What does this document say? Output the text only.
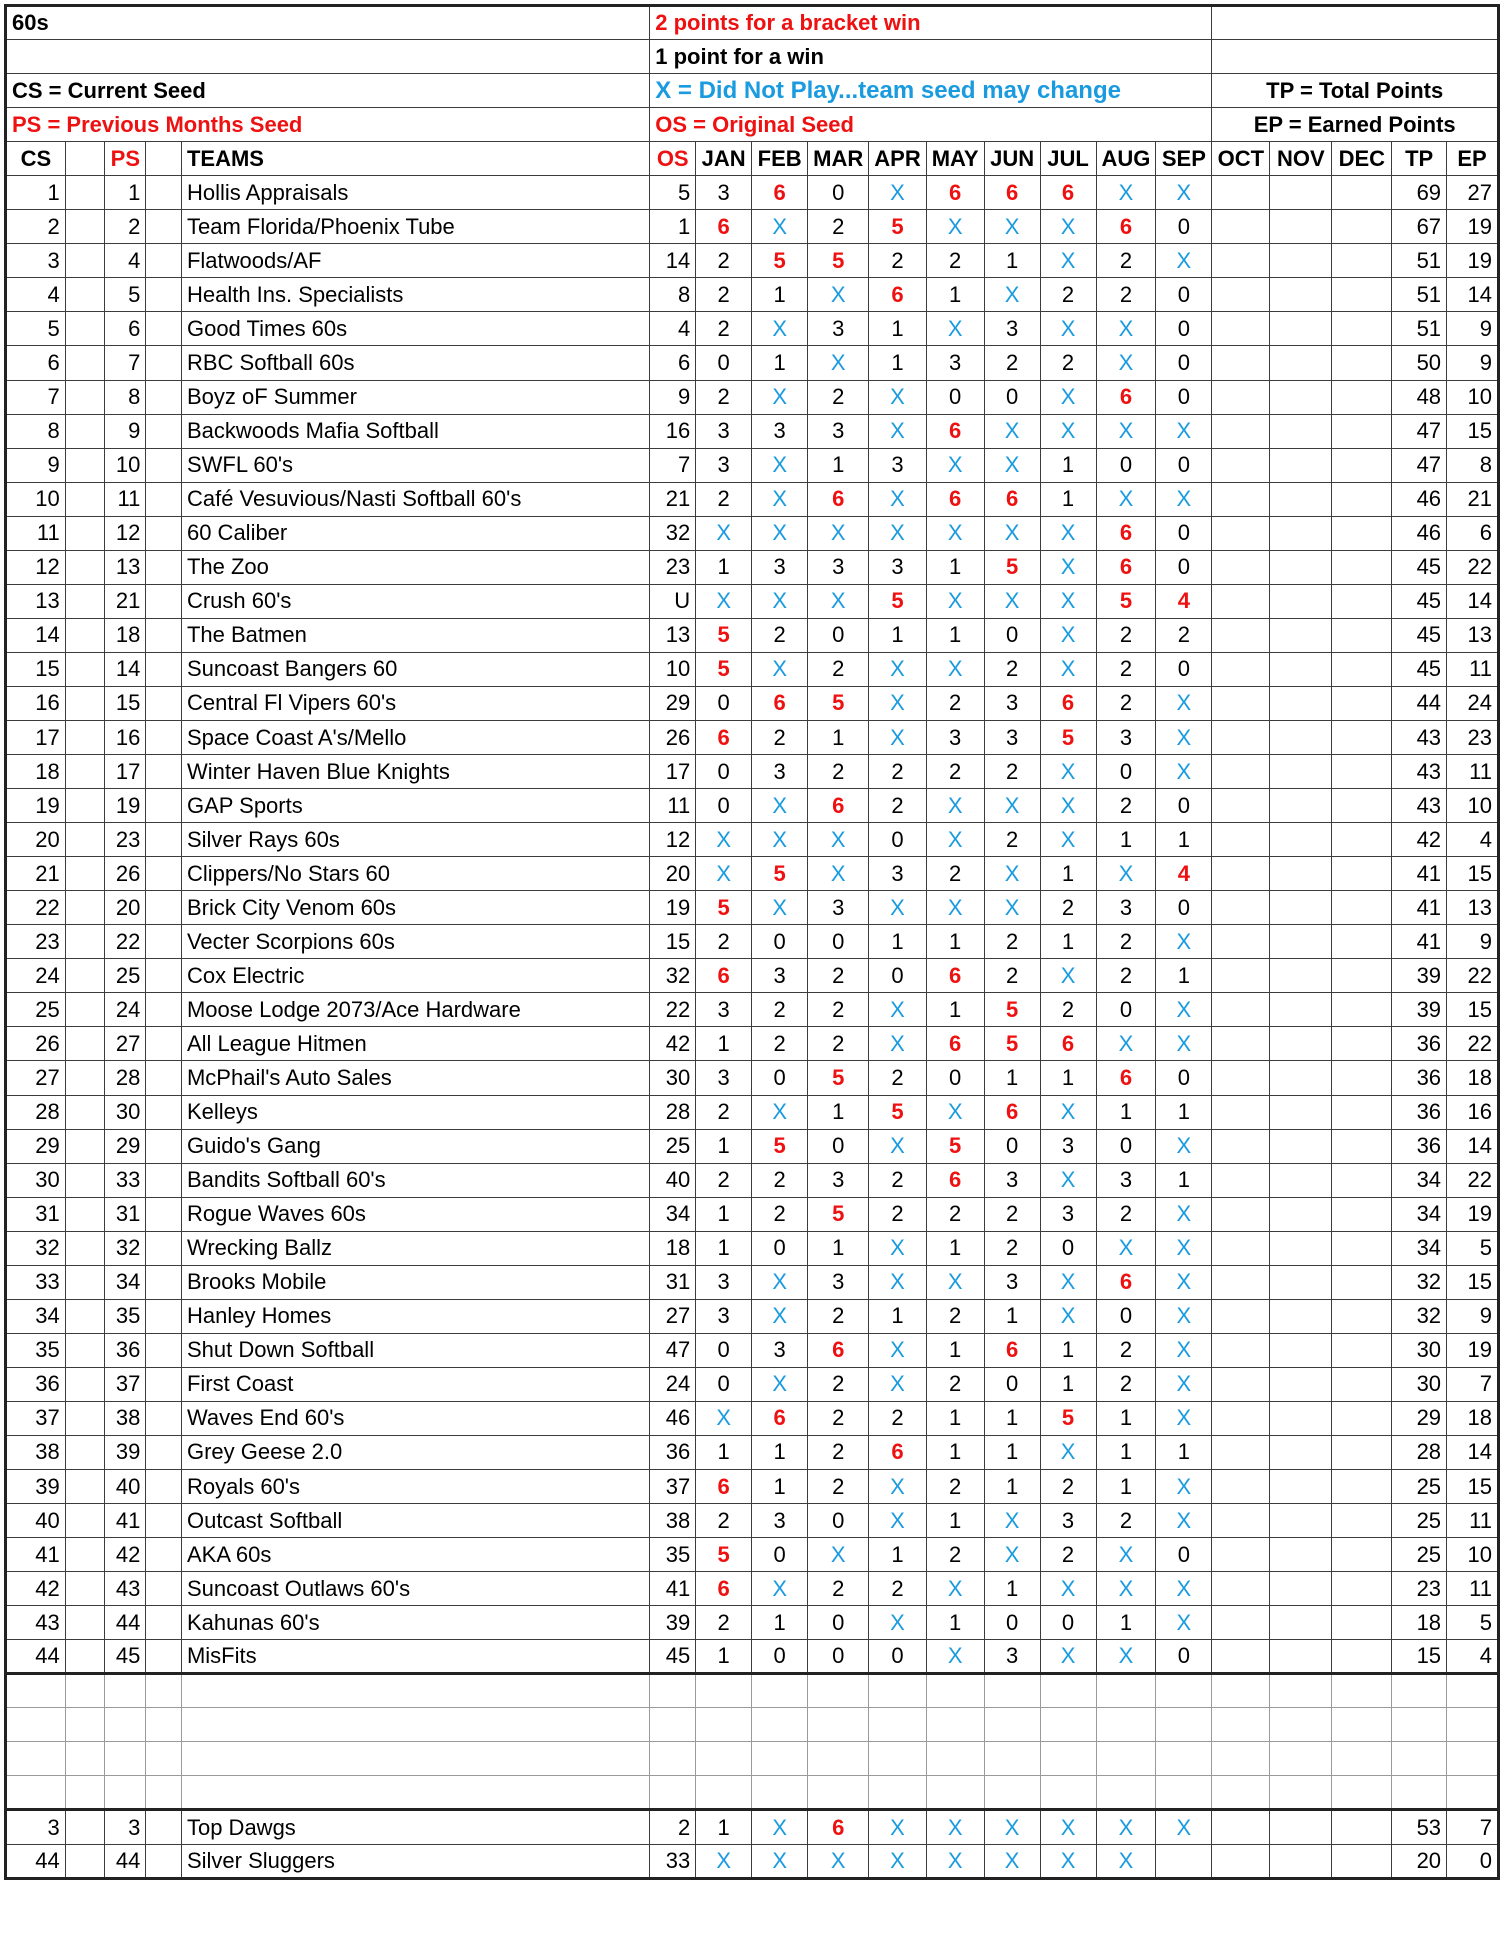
60s					2 points for a bracket win														
					1 point for a win														
CS = Current Seed					X = Did Not Play...team seed may change										TP = Total Points				
PS = Previous Months Seed					OS = Original Seed										EP = Earned Points				
CS		PS		TEAMS	OS	JAN	FEB	MAR	APR	MAY	JUN	JUL	AUG	SEP	OCT	NOV	DEC	TP	EP
1		1		Hollis Appraisals	5	3	6	0	X	6	6	6	X	X				69	27
2		2		Team Florida/Phoenix Tube	1	6	X	2	5	X	X	X	6	0				67	19
3		4		Flatwoods/AF	14	2	5	5	2	2	1	X	2	X				51	19
4		5		Health Ins. Specialists	8	2	1	X	6	1	X	2	2	0				51	14
5		6		Good Times 60s	4	2	X	3	1	X	3	X	X	0				51	9
6		7		RBC Softball 60s	6	0	1	X	1	3	2	2	X	0				50	9
7		8		Boyz oF Summer	9	2	X	2	X	0	0	X	6	0				48	10
8		9		Backwoods Mafia Softball	16	3	3	3	X	6	X	X	X	X				47	15
9		10		SWFL 60's	7	3	X	1	3	X	X	1	0	0				47	8
10		11		Café Vesuvious/Nasti Softball 60's	21	2	X	6	X	6	6	1	X	X				46	21
11		12		60 Caliber	32	X	X	X	X	X	X	X	6	0				46	6
12		13		The Zoo	23	1	3	3	3	1	5	X	6	0				45	22
13		21		Crush 60's	U	X	X	X	5	X	X	X	5	4				45	14
14		18		The Batmen	13	5	2	0	1	1	0	X	2	2				45	13
15		14		Suncoast Bangers 60	10	5	X	2	X	X	2	X	2	0				45	11
16		15		Central Fl Vipers 60's	29	0	6	5	X	2	3	6	2	X				44	24
17		16		Space Coast A's/Mello	26	6	2	1	X	3	3	5	3	X				43	23
18		17		Winter Haven Blue Knights	17	0	3	2	2	2	2	X	0	X				43	11
19		19		GAP Sports	11	0	X	6	2	X	X	X	2	0				43	10
20		23		Silver Rays 60s	12	X	X	X	0	X	2	X	1	1				42	4
21		26		Clippers/No Stars 60	20	X	5	X	3	2	X	1	X	4				41	15
22		20		Brick City Venom 60s	19	5	X	3	X	X	X	2	3	0				41	13
23		22		Vecter Scorpions 60s	15	2	0	0	1	1	2	1	2	X				41	9
24		25		Cox Electric	32	6	3	2	0	6	2	X	2	1				39	22
25		24		Moose Lodge 2073/Ace Hardware	22	3	2	2	X	1	5	2	0	X				39	15
26		27		All League Hitmen	42	1	2	2	X	6	5	6	X	X				36	22
27		28		McPhail's Auto Sales	30	3	0	5	2	0	1	1	6	0				36	18
28		30		Kelleys	28	2	X	1	5	X	6	X	1	1				36	16
29		29		Guido's Gang	25	1	5	0	X	5	0	3	0	X				36	14
30		33		Bandits Softball 60's	40	2	2	3	2	6	3	X	3	1				34	22
31		31		Rogue Waves 60s	34	1	2	5	2	2	2	3	2	X				34	19
32		32		Wrecking Ballz	18	1	0	1	X	1	2	0	X	X				34	5
33		34		Brooks Mobile	31	3	X	3	X	X	3	X	6	X				32	15
34		35		Hanley Homes	27	3	X	2	1	2	1	X	0	X				32	9
35		36		Shut Down Softball	47	0	3	6	X	1	6	1	2	X				30	19
36		37		First Coast	24	0	X	2	X	2	0	1	2	X				30	7
37		38		Waves End 60's	46	X	6	2	2	1	1	5	1	X				29	18
38		39		Grey Geese 2.0	36	1	1	2	6	1	1	X	1	1				28	14
39		40		Royals 60's	37	6	1	2	X	2	1	2	1	X				25	15
40		41		Outcast Softball	38	2	3	0	X	1	X	3	2	X				25	11
41		42		AKA 60s	35	5	0	X	1	2	X	2	X	0				25	10
42		43		Suncoast Outlaws 60's	41	6	X	2	2	X	1	X	X	X				23	11
43		44		Kahunas 60's	39	2	1	0	X	1	0	0	1	X				18	5
44		45		MisFits	45	1	0	0	0	X	3	X	X	0				15	4

3		3		Top Dawgs	2	1	X	6	X	X	X	X	X	X				53	7
44		44		Silver Sluggers	33	X	X	X	X	X	X	X	X					20	0
